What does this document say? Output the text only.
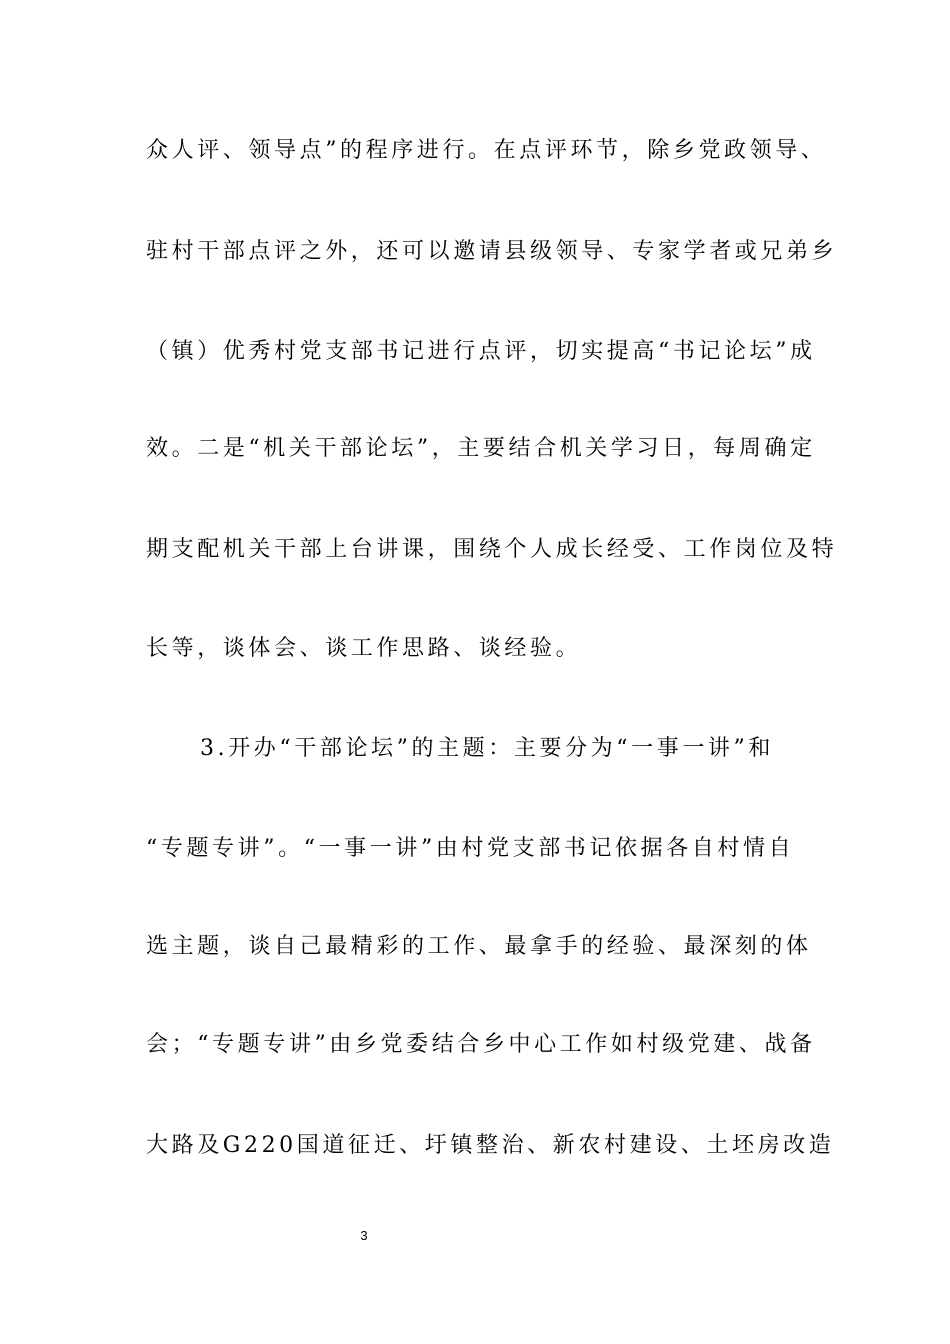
众人评、领导点”的程序进行。在点评环节，除乡党政领导、
驻村干部点评之外，还可以邀请县级领导、专家学者或兄弟乡
（镇）优秀村党支部书记进行点评，切实提高“书记论坛”成
效。二是“机关干部论坛”，主要结合机关学习日，每周确定
期支配机关干部上台讲课，围绕个人成长经受、工作岗位及特
长等，谈体会、谈工作思路、谈经验。
3.开办“干部论坛”的主题：主要分为“一事一讲”和
“专题专讲”。“一事一讲”由村党支部书记依据各自村情自
选主题，谈自己最精彩的工作、最拿手的经验、最深刻的体
会；“专题专讲”由乡党委结合乡中心工作如村级党建、战备
大路及G220国道征迁、圩镇整治、新农村建设、土坯房改造
3
